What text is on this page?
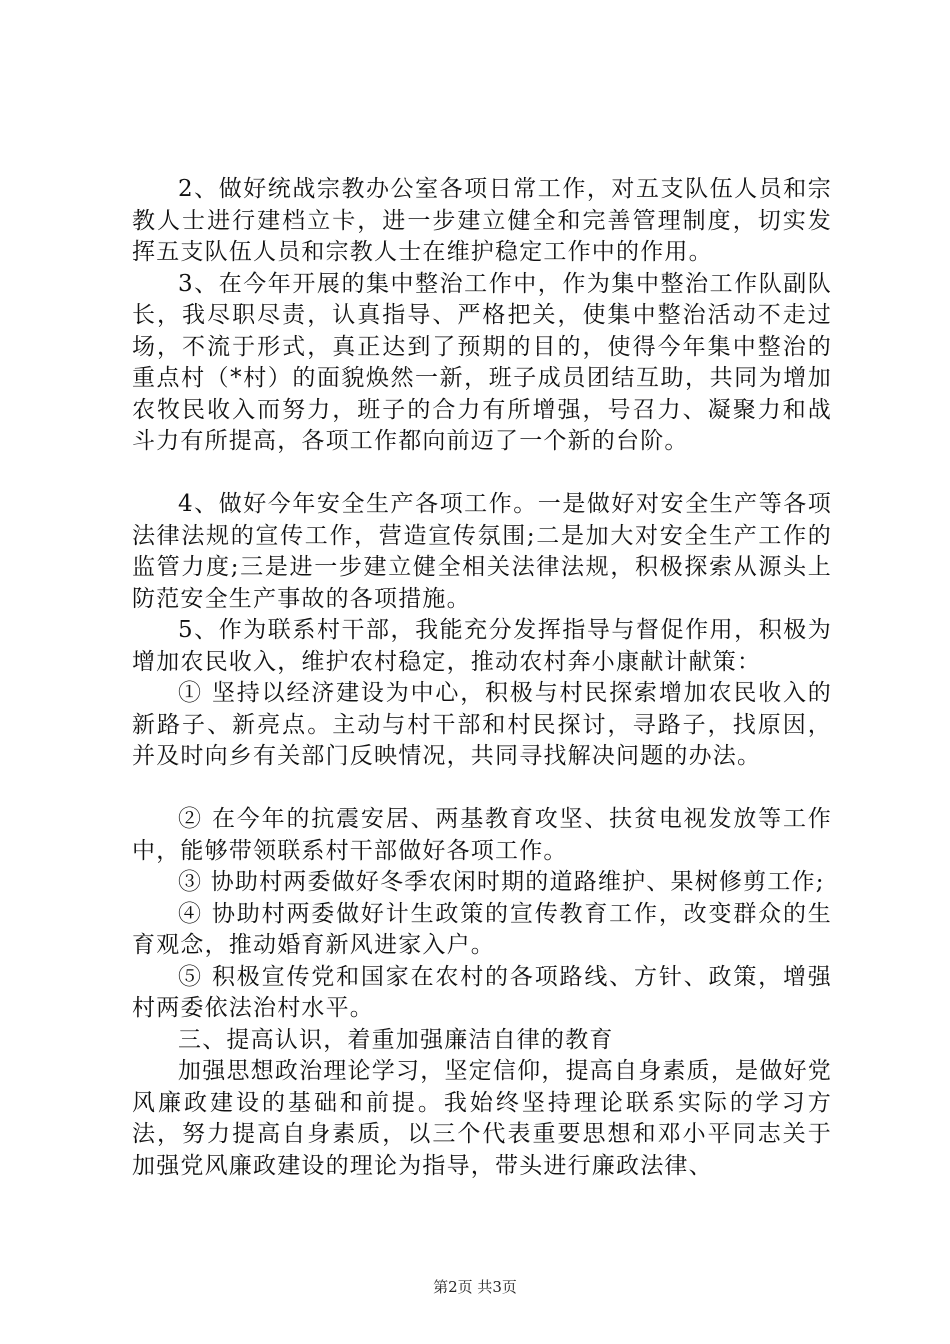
2、做好统战宗教办公室各项日常工作，对五支队伍人员和宗教人士进行建档立卡，进一步建立健全和完善管理制度，切实发挥五支队伍人员和宗教人士在维护稳定工作中的作用。

3、在今年开展的集中整治工作中，作为集中整治工作队副队长，我尽职尽责，认真指导、严格把关，使集中整治活动不走过场，不流于形式，真正达到了预期的目的，使得今年集中整治的重点村（*村）的面貌焕然一新，班子成员团结互助，共同为增加农牧民收入而努力，班子的合力有所增强，号召力、凝聚力和战斗力有所提高，各项工作都向前迈了一个新的台阶。

4、做好今年安全生产各项工作。一是做好对安全生产等各项法律法规的宣传工作，营造宣传氛围;二是加大对安全生产工作的监管力度;三是进一步建立健全相关法律法规，积极探索从源头上防范安全生产事故的各项措施。

5、作为联系村干部，我能充分发挥指导与督促作用，积极为增加农民收入，维护农村稳定，推动农村奔小康献计献策：

① 坚持以经济建设为中心，积极与村民探索增加农民收入的新路子、新亮点。主动与村干部和村民探讨，寻路子，找原因，并及时向乡有关部门反映情况，共同寻找解决问题的办法。

② 在今年的抗震安居、两基教育攻坚、扶贫电视发放等工作中，能够带领联系村干部做好各项工作。

③ 协助村两委做好冬季农闲时期的道路维护、果树修剪工作;

④ 协助村两委做好计生政策的宣传教育工作，改变群众的生育观念，推动婚育新风进家入户。

⑤ 积极宣传党和国家在农村的各项路线、方针、政策，增强村两委依法治村水平。

三、提高认识，着重加强廉洁自律的教育

加强思想政治理论学习，坚定信仰，提高自身素质，是做好党风廉政建设的基础和前提。我始终坚持理论联系实际的学习方法，努力提高自身素质，以三个代表重要思想和邓小平同志关于加强党风廉政建设的理论为指导，带头进行廉政法律、

第2页 共3页
